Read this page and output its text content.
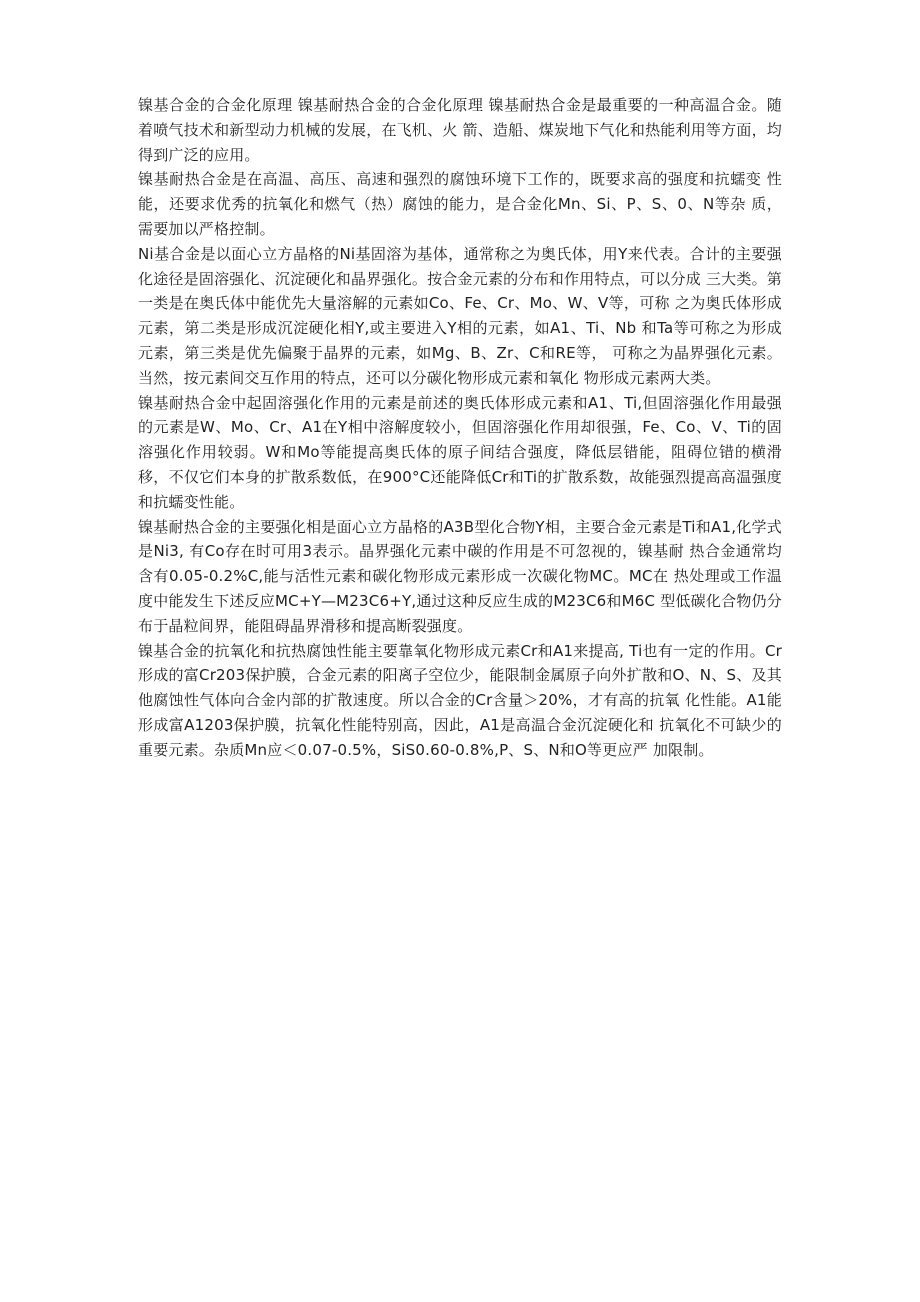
镍基合金的合金化原理 镍基耐热合金的合金化原理 镍基耐热合金是最重要的一种高温合金。随着喷气技术和新型动力机械的发展，在飞机、火 箭、造船、煤炭地下气化和热能利用等方面，均得到广泛的应用。

镍基耐热合金是在高温、高压、高速和强烈的腐蚀环境下工作的，既要求高的强度和抗蠕变 性能，还要求优秀的抗氧化和燃气（热）腐蚀的能力，是合金化Mn、Si、P、S、0、N等杂 质，需要加以严格控制。

Ni基合金是以面心立方晶格的Ni基固溶为基体，通常称之为奥氏体，用Y来代表。合计的主要强化途径是固溶强化、沉淀硬化和晶界强化。按合金元素的分布和作用特点，可以分成 三大类。第一类是在奥氏体中能优先大量溶解的元素如Co、Fe、Cr、Mo、W、V等，可称 之为奥氏体形成元素，第二类是形成沉淀硬化相Y,或主要进入Y相的元素，如A1、Ti、Nb 和Ta等可称之为形成元素，第三类是优先偏聚于晶界的元素，如Mg、B、Zr、C和RE等， 可称之为晶界强化元素。当然，按元素间交互作用的特点，还可以分碳化物形成元素和氧化 物形成元素两大类。

镍基耐热合金中起固溶强化作用的元素是前述的奥氏体形成元素和A1、Ti,但固溶强化作用最强的元素是W、Mo、Cr、A1在Y相中溶解度较小，但固溶强化作用却很强，Fe、Co、V、Ti的固溶强化作用较弱。W和Mo等能提高奥氏体的原子间结合强度，降低层错能，阻碍位错的横滑移，不仅它们本身的扩散系数低，在900°C还能降低Cr和Ti的扩散系数，故能强烈提高高温强度和抗蠕变性能。

镍基耐热合金的主要强化相是面心立方晶格的A3B型化合物Y相，主要合金元素是Ti和A1,化学式是Ni3, 有Co存在时可用3表示。晶界强化元素中碳的作用是不可忽视的，镍基耐 热合金通常均含有0.05-0.2%C,能与活性元素和碳化物形成元素形成一次碳化物MC。MC在 热处理或工作温度中能发生下述反应MC+Y—M23C6+Y,通过这种反应生成的M23C6和M6C 型低碳化合物仍分布于晶粒间界，能阻碍晶界滑移和提高断裂强度。

镍基合金的抗氧化和抗热腐蚀性能主要靠氧化物形成元素Cr和A1来提高, Ti也有一定的作用。Cr形成的富Cr203保护膜，合金元素的阳离子空位少，能限制金属原子向外扩散和O、N、S、及其他腐蚀性气体向合金内部的扩散速度。所以合金的Cr含量＞20%，才有高的抗氧 化性能。A1能形成富A1203保护膜，抗氧化性能特别高，因此，A1是高温合金沉淀硬化和 抗氧化不可缺少的重要元素。杂质Mn应＜0.07-0.5%，SiS0.60-0.8%,P、S、N和O等更应严 加限制。
